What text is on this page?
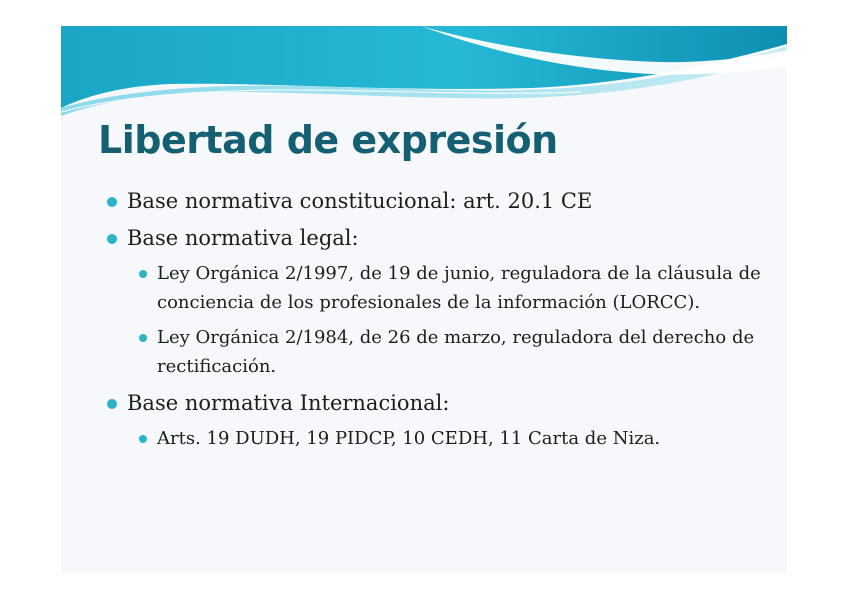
Libertad de expresión
Base normativa constitucional: art. 20.1 CE
Base normativa legal:
Ley Orgánica 2/1997, de 19 de junio, reguladora de la cláusula de conciencia de los profesionales de la información (LORCC).
Ley Orgánica 2/1984, de 26 de marzo, reguladora del derecho de rectificación.
Base normativa Internacional:
Arts. 19 DUDH, 19 PIDCP, 10 CEDH, 11 Carta de Niza.
